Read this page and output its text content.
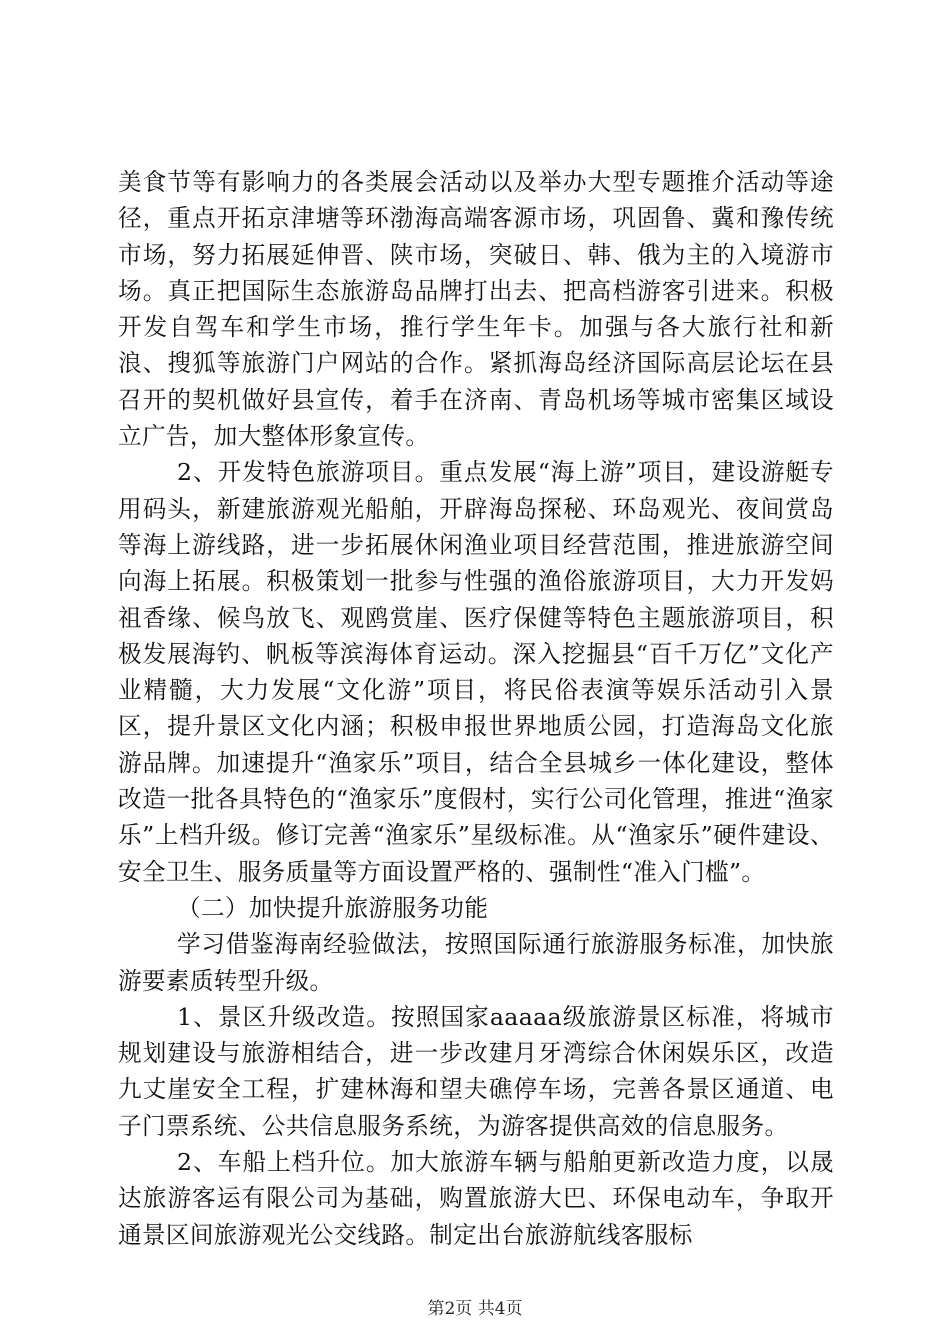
美食节等有影响力的各类展会活动以及举办大型专题推介活动等途径，重点开拓京津塘等环渤海高端客源市场，巩固鲁、冀和豫传统市场，努力拓展延伸晋、陕市场，突破日、韩、俄为主的入境游市场。真正把国际生态旅游岛品牌打出去、把高档游客引进来。积极开发自驾车和学生市场，推行学生年卡。加强与各大旅行社和新浪、搜狐等旅游门户网站的合作。紧抓海岛经济国际高层论坛在县召开的契机做好县宣传，着手在济南、青岛机场等城市密集区域设立广告，加大整体形象宣传。

2、开发特色旅游项目。重点发展“海上游”项目，建设游艇专用码头，新建旅游观光船舶，开辟海岛探秘、环岛观光、夜间赏岛等海上游线路，进一步拓展休闲渔业项目经营范围，推进旅游空间向海上拓展。积极策划一批参与性强的渔俗旅游项目，大力开发妈祖香缘、候鸟放飞、观鸥赏崖、医疗保健等特色主题旅游项目，积极发展海钓、帆板等滨海体育运动。深入挖掘县“百千万亿”文化产业精髓，大力发展“文化游”项目，将民俗表演等娱乐活动引入景区，提升景区文化内涵；积极申报世界地质公园，打造海岛文化旅游品牌。加速提升“渔家乐”项目，结合全县城乡一体化建设，整体改造一批各具特色的“渔家乐”度假村，实行公司化管理，推进“渔家乐”上档升级。修订完善“渔家乐”星级标准。从“渔家乐”硬件建设、安全卫生、服务质量等方面设置严格的、强制性“准入门槛”。

（二）加快提升旅游服务功能

学习借鉴海南经验做法，按照国际通行旅游服务标准，加快旅游要素质转型升级。

1、景区升级改造。按照国家aaaaa级旅游景区标准，将城市规划建设与旅游相结合，进一步改建月牙湾综合休闲娱乐区，改造九丈崖安全工程，扩建林海和望夫礁停车场，完善各景区通道、电子门票系统、公共信息服务系统，为游客提供高效的信息服务。

2、车船上档升位。加大旅游车辆与船舶更新改造力度，以晟达旅游客运有限公司为基础，购置旅游大巴、环保电动车，争取开通景区间旅游观光公交线路。制定出台旅游航线客服标

第2页 共4页
